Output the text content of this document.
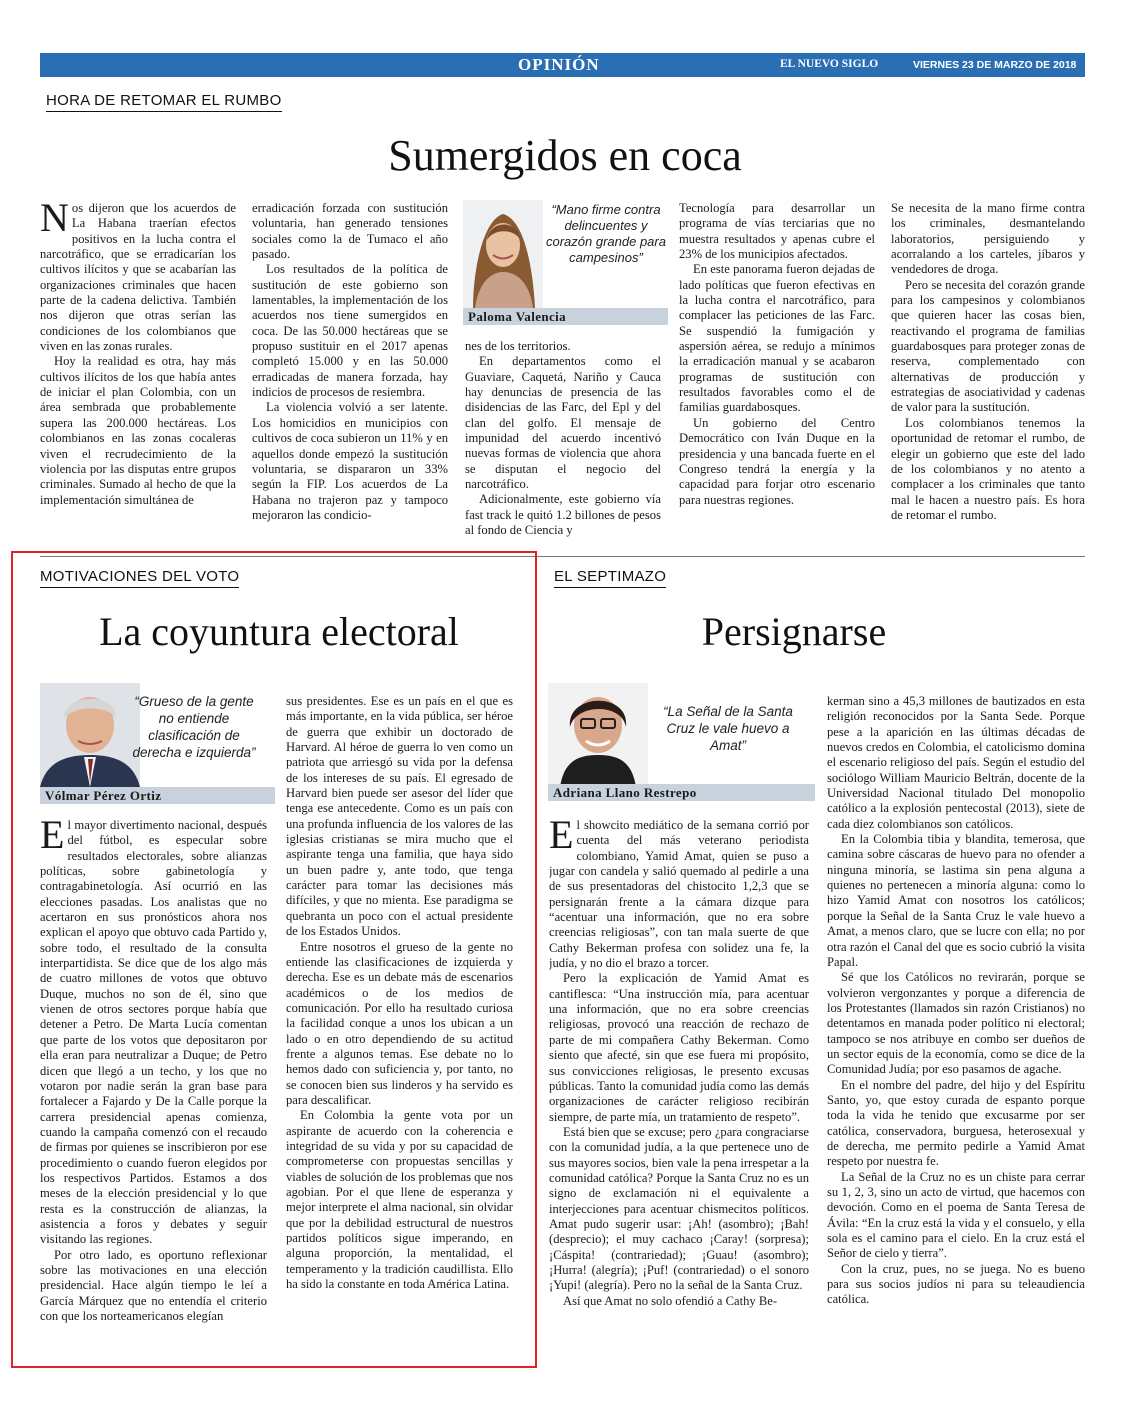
OPINIÓN	EL NUEVO SIGLO	VIERNES 23 DE MARZO DE 2018 9A
HORA DE RETOMAR EL RUMBO
Sumergidos en coca

Nos dijeron que los acuerdos de La Habana traerían efectos positivos en la lucha contra el narcotráfico, que se erradicarían los cultivos ilícitos y que se acabarían las organizaciones criminales que hacen parte de la cadena delictiva. También nos dijeron que otras serían las condiciones de los colombianos que viven en las zonas rurales.

Hoy la realidad es otra, hay más cultivos ilícitos de los que había antes de iniciar el plan Colombia, con un área sembrada que probablemente supera las 200.000 hectáreas. Los colombianos en las zonas cocaleras viven el recrudecimiento de la violencia por las disputas entre grupos criminales. Sumado al hecho de que la implementación simultánea de

erradicación forzada con sustitución voluntaria, han generado tensiones sociales como la de Tumaco el año pasado.

Los resultados de la política de sustitución de este gobierno son lamentables, la implementación de los acuerdos nos tiene sumergidos en coca. De las 50.000 hectáreas que se propuso sustituir en el 2017 apenas completó 15.000 y en las 50.000 erradicadas de manera forzada, hay indicios de procesos de resiembra.

La violencia volvió a ser latente. Los homicidios en municipios con cultivos de coca subieron un 11% y en aquellos donde empezó la sustitución voluntaria, se dispararon un 33% según la FIP. Los acuerdos de La Habana no trajeron paz y tampoco mejoraron las condicio-

“Mano firme contra delincuentes y corazón grande para campesinos”
Paloma Valencia

nes de los territorios.

En departamentos como el Guaviare, Caquetá, Nariño y Cauca hay denuncias de presencia de las disidencias de las Farc, del Epl y del clan del golfo. El mensaje de impunidad del acuerdo incentivó nuevas formas de violencia que ahora se disputan el negocio del narcotráfico.

Adicionalmente, este gobierno vía fast track le quitó 1.2 billones de pesos al fondo de Ciencia y

Tecnología para desarrollar un programa de vías terciarias que no muestra resultados y apenas cubre el 23% de los municipios afectados.

En este panorama fueron dejadas de lado políticas que fueron efectivas en la lucha contra el narcotráfico, para complacer las peticiones de las Farc. Se suspendió la fumigación y aspersión aérea, se redujo a mínimos la erradicación manual y se acabaron programas de sustitución con resultados favorables como el de familias guardabosques.

Un gobierno del Centro Democrático con Iván Duque en la presidencia y una bancada fuerte en el Congreso tendrá la energía y la capacidad para forjar otro escenario para nuestras regiones.

Se necesita de la mano firme contra los criminales, desmantelando laboratorios, persiguiendo y acorralando a los carteles, jíbaros y vendedores de droga.

Pero se necesita del corazón grande para los campesinos y colombianos que quieren hacer las cosas bien, reactivando el programa de familias guardabosques para proteger zonas de reserva, complementado con alternativas de producción y estrategias de asociatividad y cadenas de valor para la sustitución.

Los colombianos tenemos la oportunidad de retomar el rumbo, de elegir un gobierno que este del lado de los colombianos y no atento a complacer a los criminales que tanto mal le hacen a nuestro país. Es hora de retomar el rumbo.

MOTIVACIONES DEL VOTO
La coyuntura electoral
“Grueso de la gente no entiende clasificación de derecha e izquierda”
Vólmar Pérez Ortiz

El mayor divertimento nacional, después del fútbol, es especular sobre resultados electorales, sobre alianzas políticas, sobre gabinetología y contragabinetología. Así ocurrió en las elecciones pasadas. Los analistas que no acertaron en sus pronósticos ahora nos explican el apoyo que obtuvo cada Partido y, sobre todo, el resultado de la consulta interpartidista. Se dice que de los algo más de cuatro millones de votos que obtuvo Duque, muchos no son de él, sino que vienen de otros sectores porque había que detener a Petro. De Marta Lucía comentan que parte de los votos que depositaron por ella eran para neutralizar a Duque; de Petro dicen que llegó a un techo, y los que no votaron por nadie serán la gran base para fortalecer a Fajardo y De la Calle porque la carrera presidencial apenas comienza, cuando la campaña comenzó con el recaudo de firmas por quienes se inscribieron por ese procedimiento o cuando fueron elegidos por los respectivos Partidos. Estamos a dos meses de la elección presidencial y lo que resta es la construcción de alianzas, la asistencia a foros y debates y seguir visitando las regiones.

Por otro lado, es oportuno reflexionar sobre las motivaciones en una elección presidencial. Hace algún tiempo le leí a García Márquez que no entendía el criterio con que los norteamericanos elegían

sus presidentes. Ese es un país en el que es más importante, en la vida pública, ser héroe de guerra que exhibir un doctorado de Harvard. Al héroe de guerra lo ven como un patriota que arriesgó su vida por la defensa de los intereses de su país. El egresado de Harvard bien puede ser asesor del líder que tenga ese antecedente. Como es un país con una profunda influencia de los valores de las iglesias cristianas se mira mucho que el aspirante tenga una familia, que haya sido un buen padre y, ante todo, que tenga carácter para tomar las decisiones más difíciles, y que no mienta. Ese paradigma se quebranta un poco con el actual presidente de los Estados Unidos.

Entre nosotros el grueso de la gente no entiende las clasificaciones de izquierda y derecha. Ese es un debate más de escenarios académicos o de los medios de comunicación. Por ello ha resultado curiosa la facilidad conque a unos los ubican a un lado o en otro dependiendo de su actitud frente a algunos temas. Ese debate no lo hemos dado con suficiencia y, por tanto, no se conocen bien sus linderos y ha servido es para descalificar.

En Colombia la gente vota por un aspirante de acuerdo con la coherencia e integridad de su vida y por su capacidad de comprometerse con propuestas sencillas y viables de solución de los problemas que nos agobian. Por el que llene de esperanza y mejor interprete el alma nacional, sin olvidar que por la debilidad estructural de nuestros partidos políticos sigue imperando, en alguna proporción, la mentalidad, el temperamento y la tradición caudillista. Ello ha sido la constante en toda América Latina.

EL SEPTIMAZO
Persignarse
“La Señal de la Santa Cruz le vale huevo a Amat”
Adriana Llano Restrepo

El showcito mediático de la semana corrió por cuenta del más veterano periodista colombiano, Yamid Amat, quien se puso a jugar con candela y salió quemado al pedirle a una de sus presentadoras del chistocito 1,2,3 que se persignarán frente a la cámara dizque para “acentuar una información, que no era sobre creencias religiosas”, con tan mala suerte de que Cathy Bekerman profesa con solidez una fe, la judía, y no dio el brazo a torcer.

Pero la explicación de Yamid Amat es cantiflesca: “Una instrucción mía, para acentuar una información, que no era sobre creencias religiosas, provocó una reacción de rechazo de parte de mi compañera Cathy Bekerman. Como siento que afecté, sin que ese fuera mi propósito, sus convicciones religiosas, le presento excusas públicas. Tanto la comunidad judía como las demás organizaciones de carácter religioso recibirán siempre, de parte mía, un tratamiento de respeto”.

Está bien que se excuse; pero ¿para congraciarse con la comunidad judía, a la que pertenece uno de sus mayores socios, bien vale la pena irrespetar a la comunidad católica? Porque la Santa Cruz no es un signo de exclamación ni el equivalente a interjecciones para acentuar chismecitos políticos. Amat pudo sugerir usar: ¡Ah! (asombro); ¡Bah! (desprecio); el muy cachaco ¡Caray! (sorpresa); ¡Cáspita! (contrariedad); ¡Guau! (asombro); ¡Hurra! (alegría); ¡Puf! (contrariedad) o el sonoro ¡Yupi! (alegría). Pero no la señal de la Santa Cruz.

Así que Amat no solo ofendió a Cathy Be-

kerman sino a 45,3 millones de bautizados en esta religión reconocidos por la Santa Sede. Porque pese a la aparición en las últimas décadas de nuevos credos en Colombia, el catolicismo domina el escenario religioso del país. Según el estudio del sociólogo William Mauricio Beltrán, docente de la Universidad Nacional titulado Del monopolio católico a la explosión pentecostal (2013), siete de cada diez colombianos son católicos.

En la Colombia tibia y blandita, temerosa, que camina sobre cáscaras de huevo para no ofender a ninguna minoría, se lastima sin pena alguna a quienes no pertenecen a minoría alguna: como lo hizo Yamid Amat con nosotros los católicos; porque la Señal de la Santa Cruz le vale huevo a Amat, a menos claro, que se lucre con ella; no por otra razón el Canal del que es socio cubrió la visita Papal.

Sé que los Católicos no revirarán, porque se volvieron vergonzantes y porque a diferencia de los Protestantes (llamados sin razón Cristianos) no detentamos en manada poder político ni electoral; tampoco se nos atribuye en combo ser dueños de un sector equis de la economía, como se dice de la Comunidad Judía; por eso pasamos de agache.

En el nombre del padre, del hijo y del Espíritu Santo, yo, que estoy curada de espanto porque toda la vida he tenido que excusarme por ser católica, conservadora, burguesa, heterosexual y de derecha, me permito pedirle a Yamid Amat respeto por nuestra fe.

La Señal de la Cruz no es un chiste para cerrar su 1, 2, 3, sino un acto de virtud, que hacemos con devoción. Como en el poema de Santa Teresa de Ávila: “En la cruz está la vida y el consuelo, y ella sola es el camino para el cielo. En la cruz está el Señor de cielo y tierra”.

Con la cruz, pues, no se juega. No es bueno para sus socios judíos ni para su teleaudiencia católica.
